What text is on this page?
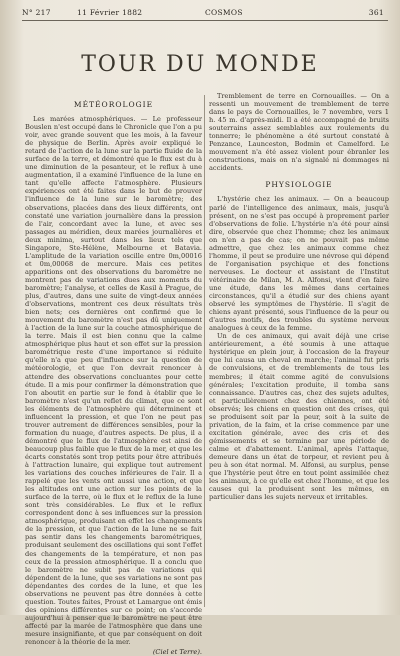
N° 217	11 Février 1882	COSMOS	361
TOUR DU MONDE
MÉTÉOROLOGIE

Les marées atmosphériques. — Le professeur Bouslen n'est occupé dans le Chronicle que l'on a pu voir, avec grande souvent que les mois, à la faveur de physique de Berlin. Après avoir expliqué le retard de l'action de la lune sur la partie fluide de la surface de la terre, et démontré que le flux est du à une diminution de la pesanteur, et le reflux à une augmentation, il a examiné l'influence de la lune en tant qu'elle affecte l'atmosphère. Plusieurs expériences ont été faites dans le but de prouver l'influence de la lune sur le baromètre; des observations, placées dans des lieux différents, ont constaté une variation journalière dans la pression de l'air, concordant avec la lune, et avec ses passages au méridien, deux marées journalières et deux minima, surtout dans les lieux tels que Singapore, Ste-Hélène, Melbourne et Batavia. L'amplitude de la variation oscille entre 0m,00016 et 0m,00068 de mercure. Mais ces petites apparitions ont des observations du baromètre ne montrent pas de variations dues aux moments du baromètre; l'analyse, et celles de Kasil à Prague, de plus, d'autres, dans une suite de vingt-deux années d'observations, montrent ces deux résultats très bien nets; ces dernières ont confirmé que le mouvement du baromètre n'est pas dû uniquement à l'action de la lune sur la couche atmosphérique de la terre. Mais il est bien connu que la calme atmosphérique plus haut et son effet sur la pression barométrique reste d'une importance si réduite qu'elle n'a que peu d'influence sur la question de météorologie, et que l'on devrait renoncer à attendre des observations concluantes pour cette étude. Il a mis pour confirmer la démonstration que l'on aboutit en partie sur le fond à établir que le baromètre n'est qu'un reflet du climat, que ce sont les éléments de l'atmosphère qui déterminent et influencent la pression, et que l'on ne peut pas trouver autrement de différences sensibles, pour la formation du nuage, d'autres aspects. De plus, il a démontré que le flux de l'atmosphère est ainsi de beaucoup plus faible que le flux de la mer, et que les écarts constatés sont trop petits pour être attribués à l'attraction lunaire, qui explique tout autrement les variations des couches inférieures de l'air. Il a rappelé que les vents ont aussi une action, et que les altitudes ont une action sur les points de la surface de la terre, où le flux et le reflux de la lune sont très considérables. Le flux et le reflux correspondent donc à ses influences sur la pression atmosphérique, produisant en effet les changements de la pression, et que l'action de la lune ne se fait pas sentir dans les changements barométriques, produisant seulement des oscillations qui sont l'effet des changements de la température, et non pas ceux de la pression atmosphérique. Il a conclu que le baromètre ne subit pas de variations qui dépendent de la lune, que ses variations ne sont pas dépendantes des cordes de la lune, et que les observations ne peuvent pas être données à cette question. Toutes faites, Proust et Lamargue ont émis des opinions différentes sur ce point; on s'accorde aujourd'hui à penser que le baromètre ne peut être affecté par la marée de l'atmosphère que dans une mesure insignifiante, et que par conséquent on doit renoncer à la théorie de la mer.

(Ciel et Terre).

Tremblement de terre en Cornouailles. — On a ressenti un mouvement de tremblement de terre dans le pays de Cornouailles, le 7 novembre, vers 1 h. 45 m. d'après-midi. Il a été accompagné de bruits souterrains assez semblables aux roulements du tonnerre; le phénomène a été surtout constaté à Penzance, Launceston, Bodmin et Camelford. Le mouvement n'a été assez violent pour ébranler les constructions, mais on n'a signalé ni dommages ni accidents.

PHYSIOLOGIE

L'hystérie chez les animaux. — On a beaucoup parlé de l'intelligence des animaux, mais, jusqu'à présent, on ne s'est pas occupé à proprement parler d'observations de folie. L'hystérie n'a été pour ainsi dire, observée que chez l'homme; chez les animaux on n'en a pas de cas; on ne pouvait pas même admettre, que chez les animaux comme chez l'homme, il peut se produire une névrose qui dépend de l'organisation psychique et des fonctions nerveuses. Le docteur et assistant de l'Institut vétérinaire de Milan, M. A. Alfonsi, vient d'en faire une étude, dans les mêmes dans certaines circonstances, qu'il a étudié sur des chiens ayant observé les symptômes de l'hystérie. Il s'agit de chiens ayant présenté, sous l'influence de la peur ou d'autres motifs, des troubles du système nerveux analogues à ceux de la femme.

Un de ces animaux, qui avait déjà une crise antérieurement, a été soumis à une attaque hystérique en plein jour, à l'occasion de la frayeur que lui causa un cheval en marche; l'animal fut pris de convulsions, et de tremblements de tous les membres; il était comme agité de convulsions générales; l'excitation produite, il tomba sans connaissance. D'autres cas, chez des sujets adultes, et particulièrement chez des chiennes, ont été observés; les chiens en question ont des crises, qui se produisent soit par la peur, soit à la suite de privation, de la faim, et la crise commence par une excitation générale, avec des cris et des gémissements et se termine par une période de calme et d'abattement. L'animal, après l'attaque, demeure dans un état de torpeur, et revient peu à peu à son état normal. M. Alfonsi, au surplus, pense que l'hystérie peut être en tout point assimilée chez les animaux, à ce qu'elle est chez l'homme, et que les causes qui la produisent sont les mêmes, en particulier dans les sujets nerveux et irritables.
